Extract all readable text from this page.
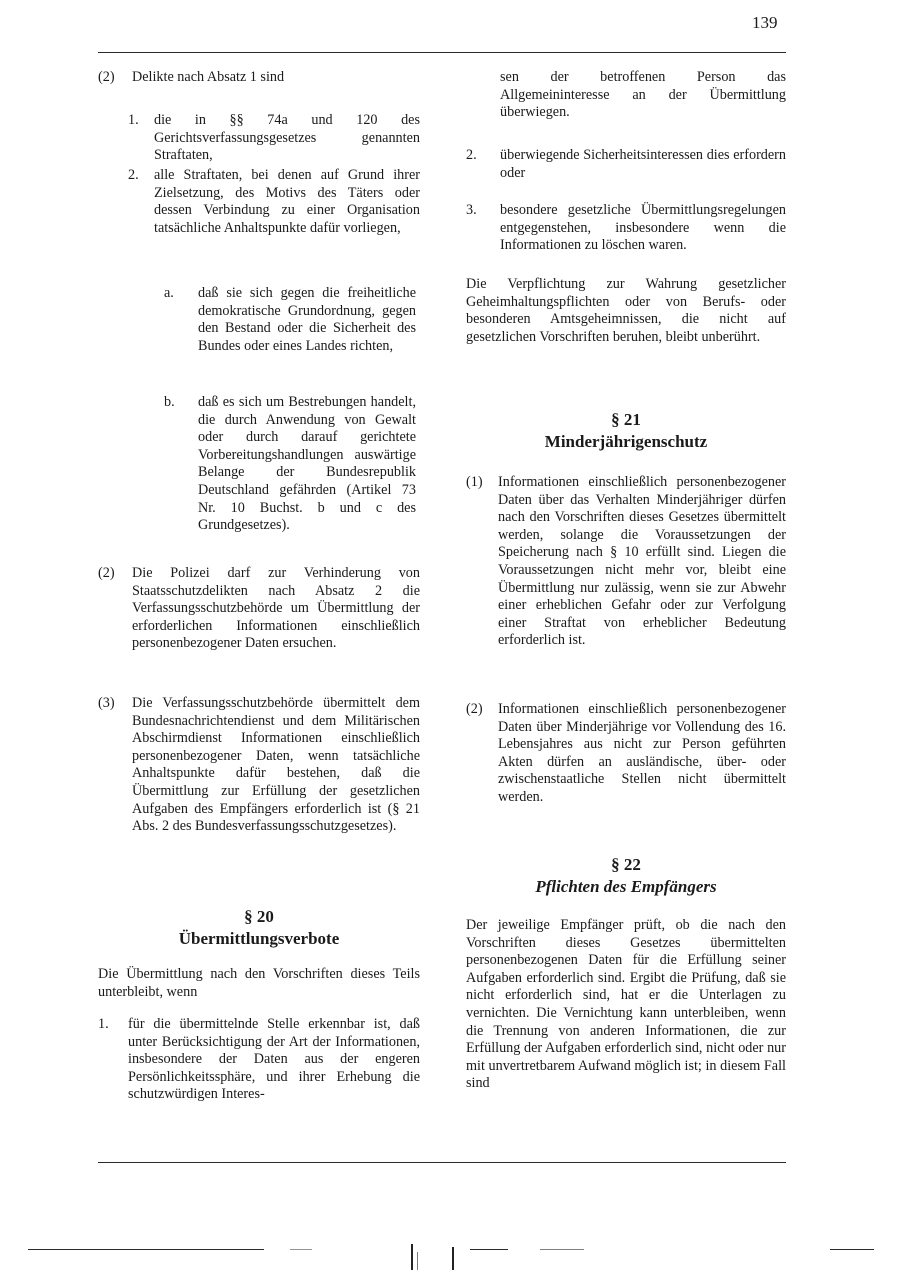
139
(2) Delikte nach Absatz 1 sind
1. die in §§ 74a und 120 des Gerichtsverfassungsgesetzes genannten Straftaten,
2. alle Straftaten, bei denen auf Grund ihrer Zielsetzung, des Motivs des Täters oder dessen Verbindung zu einer Organisation tatsächliche Anhaltspunkte dafür vorliegen,
a. daß sie sich gegen die freiheitliche demokratische Grundordnung, gegen den Bestand oder die Sicherheit des Bundes oder eines Landes richten,
b. daß es sich um Bestrebungen handelt, die durch Anwendung von Gewalt oder durch darauf gerichtete Vorbereitungshandlungen auswärtige Belange der Bundesrepublik Deutschland gefährden (Artikel 73 Nr. 10 Buchst. b und c des Grundgesetzes).
(2) Die Polizei darf zur Verhinderung von Staatsschutzdelikten nach Absatz 2 die Verfassungsschutzbehörde um Übermittlung der erforderlichen Informationen einschließlich personenbezogener Daten ersuchen.
(3) Die Verfassungsschutzbehörde übermittelt dem Bundesnachrichtendienst und dem Militärischen Abschirmdienst Informationen einschließlich personenbezogener Daten, wenn tatsächliche Anhaltspunkte dafür bestehen, daß die Übermittlung zur Erfüllung der gesetzlichen Aufgaben des Empfängers erforderlich ist (§ 21 Abs. 2 des Bundesverfassungsschutzgesetzes).
§ 20
Übermittlungsverbote
Die Übermittlung nach den Vorschriften dieses Teils unterbleibt, wenn
1. für die übermittelnde Stelle erkennbar ist, daß unter Berücksichtigung der Art der Informationen, insbesondere der Daten aus der engeren Persönlichkeitssphäre, und ihrer Erhebung die schutzwürdigen Interes-
sen der betroffenen Person das Allgemeininteresse an der Übermittlung überwiegen.
2. überwiegende Sicherheitsinteressen dies erfordern oder
3. besondere gesetzliche Übermittlungsregelungen entgegenstehen, insbesondere wenn die Informationen zu löschen waren.
Die Verpflichtung zur Wahrung gesetzlicher Geheimhaltungspflichten oder von Berufs- oder besonderen Amtsgeheimnissen, die nicht auf gesetzlichen Vorschriften beruhen, bleibt unberührt.
§ 21
Minderjährigenschutz
(1) Informationen einschließlich personenbezogener Daten über das Verhalten Minderjähriger dürfen nach den Vorschriften dieses Gesetzes übermittelt werden, solange die Voraussetzungen der Speicherung nach § 10 erfüllt sind. Liegen die Voraussetzungen nicht mehr vor, bleibt eine Übermittlung nur zulässig, wenn sie zur Abwehr einer erheblichen Gefahr oder zur Verfolgung einer Straftat von erheblicher Bedeutung erforderlich ist.
(2) Informationen einschließlich personenbezogener Daten über Minderjährige vor Vollendung des 16. Lebensjahres aus nicht zur Person geführten Akten dürfen an ausländische, über- oder zwischenstaatliche Stellen nicht übermittelt werden.
§ 22
Pflichten des Empfängers
Der jeweilige Empfänger prüft, ob die nach den Vorschriften dieses Gesetzes übermittelten personenbezogenen Daten für die Erfüllung seiner Aufgaben erforderlich sind. Ergibt die Prüfung, daß sie nicht erforderlich sind, hat er die Unterlagen zu vernichten. Die Vernichtung kann unterbleiben, wenn die Trennung von anderen Informationen, die zur Erfüllung der Aufgaben erforderlich sind, nicht oder nur mit unvertretbarem Aufwand möglich ist; in diesem Fall sind
